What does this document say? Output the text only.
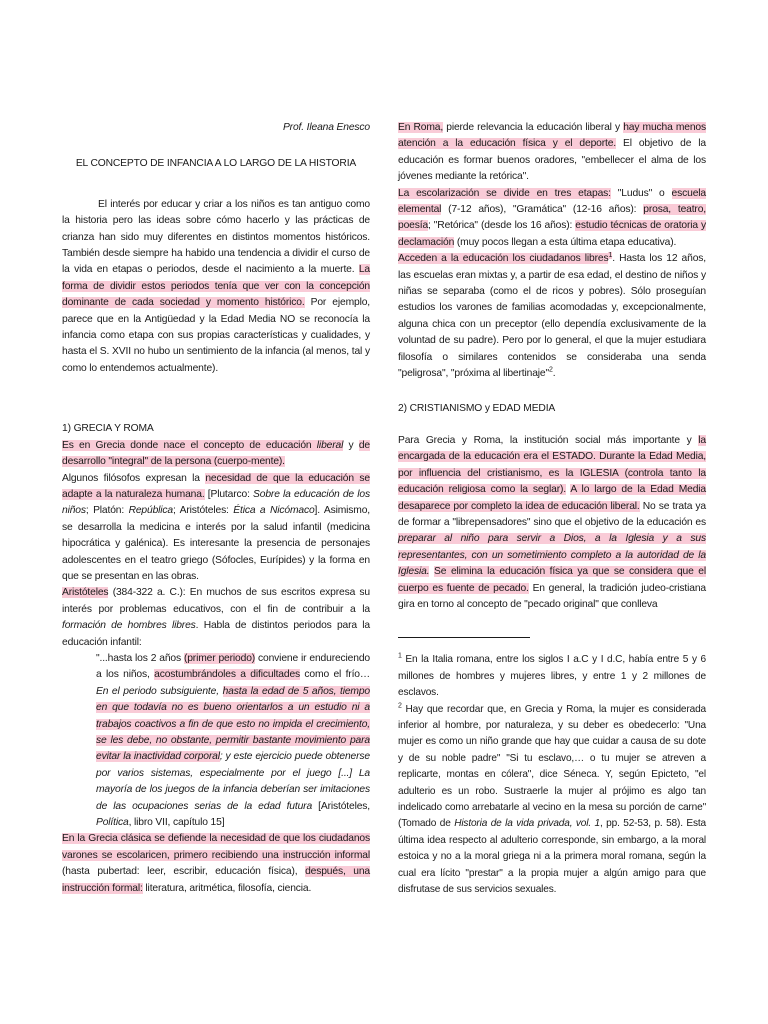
Prof. Ileana Enesco

EL CONCEPTO DE INFANCIA A LO LARGO DE LA HISTORIA

El interés por educar y criar a los niños es tan antiguo como la historia pero las ideas sobre cómo hacerlo y las prácticas de crianza han sido muy diferentes en distintos momentos históricos. También desde siempre ha habido una tendencia a dividir el curso de la vida en etapas o periodos, desde el nacimiento a la muerte. La forma de dividir estos periodos tenía que ver con la concepción dominante de cada sociedad y momento histórico. Por ejemplo, parece que en la Antigüedad y la Edad Media NO se reconocía la infancia como etapa con sus propias características y cualidades, y hasta el S. XVII no hubo un sentimiento de la infancia (al menos, tal y como lo entendemos actualmente).

1) GRECIA Y ROMA

Es en Grecia donde nace el concepto de educación liberal y de desarrollo "integral" de la persona (cuerpo-mente).

Algunos filósofos expresan la necesidad de que la educación se adapte a la naturaleza humana. [Plutarco: Sobre la educación de los niños; Platón: República; Aristóteles: Ética a Nicómaco]. Asimismo, se desarrolla la medicina e interés por la salud infantil (medicina hipocrática y galénica). Es interesante la presencia de personajes adolescentes en el teatro griego (Sófocles, Eurípides) y la forma en que se presentan en las obras.

Aristóteles (384-322 a. C.): En muchos de sus escritos expresa su interés por problemas educativos, con el fin de contribuir a la formación de hombres libres. Habla de distintos periodos para la educación infantil:

"...hasta los 2 años (primer periodo) conviene ir endureciendo a los niños, acostumbrándoles a dificultades como el frío… En el periodo subsiguiente, hasta la edad de 5 años, tiempo en que todavía no es bueno orientarlos a un estudio ni a trabajos coactivos a fin de que esto no impida el crecimiento, se les debe, no obstante, permitir bastante movimiento para evitar la inactividad corporal; y este ejercicio puede obtenerse por varios sistemas, especialmente por el juego [...] La mayoría de los juegos de la infancia deberían ser imitaciones de las ocupaciones serias de la edad futura [Aristóteles, Política, libro VII, capítulo 15]

En la Grecia clásica se defiende la necesidad de que los ciudadanos varones se escolaricen, primero recibiendo una instrucción informal (hasta pubertad: leer, escribir, educación física), después, una instrucción formal: literatura, aritmética, filosofía, ciencia.

En Roma, pierde relevancia la educación liberal y hay mucha menos atención a la educación física y el deporte. El objetivo de la educación es formar buenos oradores, "embellecer el alma de los jóvenes mediante la retórica".

La escolarización se divide en tres etapas: "Ludus" o escuela elemental (7-12 años), "Gramática" (12-16 años): prosa, teatro, poesía; "Retórica" (desde los 16 años): estudio técnicas de oratoria y declamación (muy pocos llegan a esta última etapa educativa).

Acceden a la educación los ciudadanos libres$^1$. Hasta los 12 años, las escuelas eran mixtas y, a partir de esa edad, el destino de niños y niñas se separaba (como el de ricos y pobres). Sólo proseguían estudios los varones de familias acomodadas y, excepcionalmente, alguna chica con un preceptor (ello dependía exclusivamente de la voluntad de su padre). Pero por lo general, el que la mujer estudiara filosofía o similares contenidos se consideraba una senda "peligrosa", "próxima al libertinaje"$^2$.

2) CRISTIANISMO y EDAD MEDIA

Para Grecia y Roma, la institución social más importante y la encargada de la educación era el ESTADO. Durante la Edad Media, por influencia del cristianismo, es la IGLESIA (controla tanto la educación religiosa como la seglar). A lo largo de la Edad Media desaparece por completo la idea de educación liberal. No se trata ya de formar a "librepensadores" sino que el objetivo de la educación es preparar al niño para servir a Dios, a la Iglesia y a sus representantes, con un sometimiento completo a la autoridad de la Iglesia. Se elimina la educación física ya que se considera que el cuerpo es fuente de pecado. En general, la tradición judeo-cristiana gira en torno al concepto de "pecado original" que conlleva

$^1$ En la Italia romana, entre los siglos I a.C y I d.C, había entre 5 y 6 millones de hombres y mujeres libres, y entre 1 y 2 millones de esclavos.

$^2$ Hay que recordar que, en Grecia y Roma, la mujer es considerada inferior al hombre, por naturaleza, y su deber es obedecerlo: "Una mujer es como un niño grande que hay que cuidar a causa de su dote y de su noble padre" "Si tu esclavo,… o tu mujer se atreven a replicarte, montas en cólera", dice Séneca. Y, según Epicteto, "el adulterio es un robo. Sustraerle la mujer al prójimo es algo tan indelicado como arrebatarle al vecino en la mesa su porción de carne" (Tomado de Historia de la vida privada, vol. 1, pp. 52-53, p. 58). Esta última idea respecto al adulterio corresponde, sin embargo, a la moral estoica y no a la moral griega ni a la primera moral romana, según la cual era lícito "prestar" a la propia mujer a algún amigo para que disfrutase de sus servicios sexuales.
